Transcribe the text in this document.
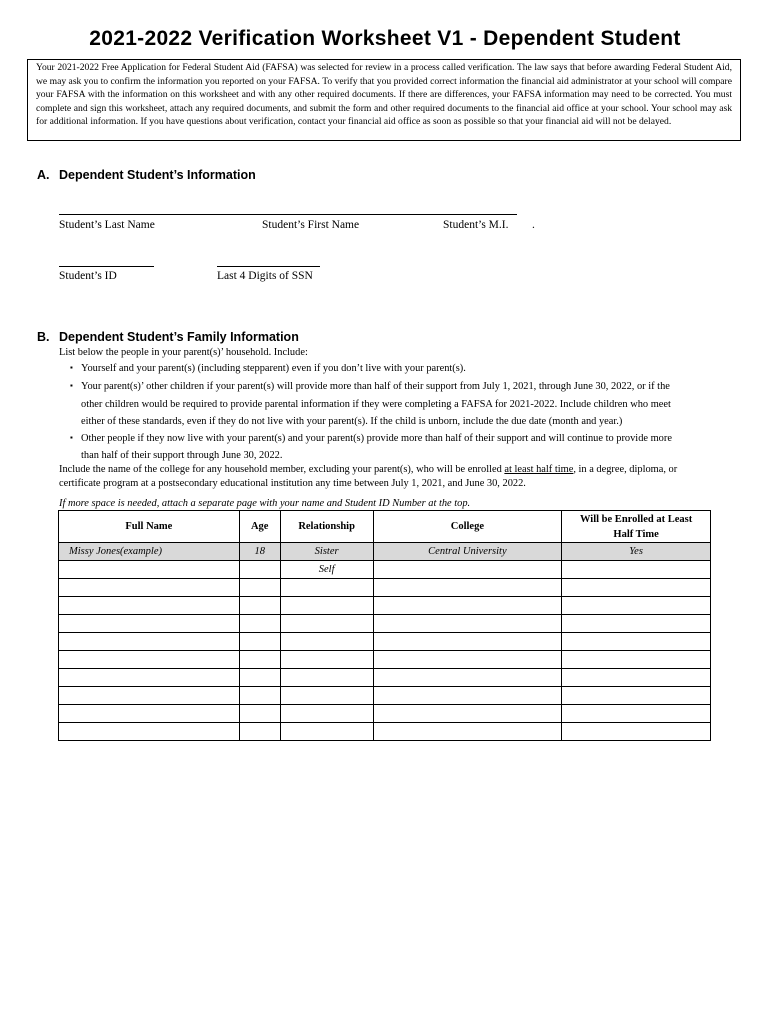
2021-2022 Verification Worksheet V1 - Dependent Student
Your 2021-2022 Free Application for Federal Student Aid (FAFSA) was selected for review in a process called verification. The law says that before awarding Federal Student Aid, we may ask you to confirm the information you reported on your FAFSA. To verify that you provided correct information the financial aid administrator at your school will compare your FAFSA with the information on this worksheet and with any other required documents. If there are differences, your FAFSA information may need to be corrected. You must complete and sign this worksheet, attach any required documents, and submit the form and other required documents to the financial aid office at your school. Your school may ask for additional information. If you have questions about verification, contact your financial aid office as soon as possible so that your financial aid will not be delayed.
A. Dependent Student’s Information
Student’s Last Name	Student’s First Name	Student’s M.I. .
Student’s ID	Last 4 Digits of SSN
B. Dependent Student’s Family Information
List below the people in your parent(s)’ household. Include:
▪ Yourself and your parent(s) (including stepparent) even if you don’t live with your parent(s).
▪ Your parent(s)’ other children if your parent(s) will provide more than half of their support from July 1, 2021, through June 30, 2022, or if the
other children would be required to provide parental information if they were completing a FAFSA for 2021-2022. Include children who meet
either of these standards, even if they do not live with your parent(s). If the child is unborn, include the due date (month and year.)
▪ Other people if they now live with your parent(s) and your parent(s) provide more than half of their support and will continue to provide more
than half of their support through June 30, 2022.
Include the name of the college for any household member, excluding your parent(s), who will be enrolled at least half time, in a degree, diploma, or
certificate program at a postsecondary educational institution any time between July 1, 2021, and June 30, 2022.
If more space is needed, attach a separate page with your name and Student ID Number at the top.
Full Name	Age	Relationship	College	Will be Enrolled at Least
Half Time
Missy Jones(example)	18	Sister	Central University	Yes
		Self		
